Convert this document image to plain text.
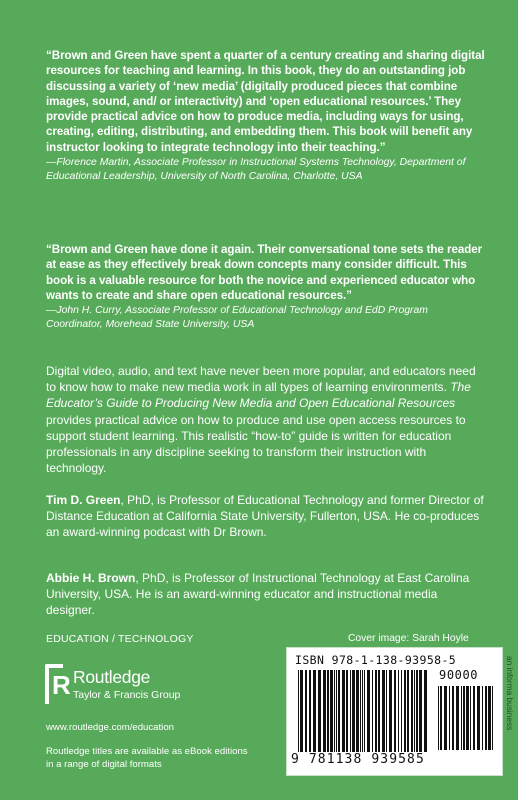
“Brown and Green have spent a quarter of a century creating and sharing digital resources for teaching and learning. In this book, they do an outstanding job discussing a variety of ‘new media’ (digitally produced pieces that combine images, sound, and/ or interactivity) and ‘open educational resources.’ They provide practical advice on how to produce media, including ways for using, creating, editing, distributing, and embedding them. This book will benefit any instructor looking to integrate technology into their teaching.”
—Florence Martin, Associate Professor in Instructional Systems Technology, Department of Educational Leadership, University of North Carolina, Charlotte, USA
“Brown and Green have done it again. Their conversational tone sets the reader at ease as they effectively break down concepts many consider difficult. This book is a valuable resource for both the novice and experienced educator who wants to create and share open educational resources.”
—John H. Curry, Associate Professor of Educational Technology and EdD Program Coordinator, Morehead State University, USA
Digital video, audio, and text have never been more popular, and educators need to know how to make new media work in all types of learning environments. The Educator’s Guide to Producing New Media and Open Educational Resources provides practical advice on how to produce and use open access resources to support student learning. This realistic “how-to” guide is written for education professionals in any discipline seeking to transform their instruction with technology.
Tim D. Green, PhD, is Professor of Educational Technology and former Director of Distance Education at California State University, Fullerton, USA. He co-produces an award-winning podcast with Dr Brown.
Abbie H. Brown, PhD, is Professor of Instructional Technology at East Carolina University, USA. He is an award-winning educator and instructional media designer.
EDUCATION / TECHNOLOGY
R Routledge
Taylor & Francis Group
www.routledge.com/education
Routledge titles are available as eBook editions in a range of digital formats
Cover image: Sarah Hoyle
ISBN 978-1-138-93958-5
90000
9 781138 939585
an informa business
